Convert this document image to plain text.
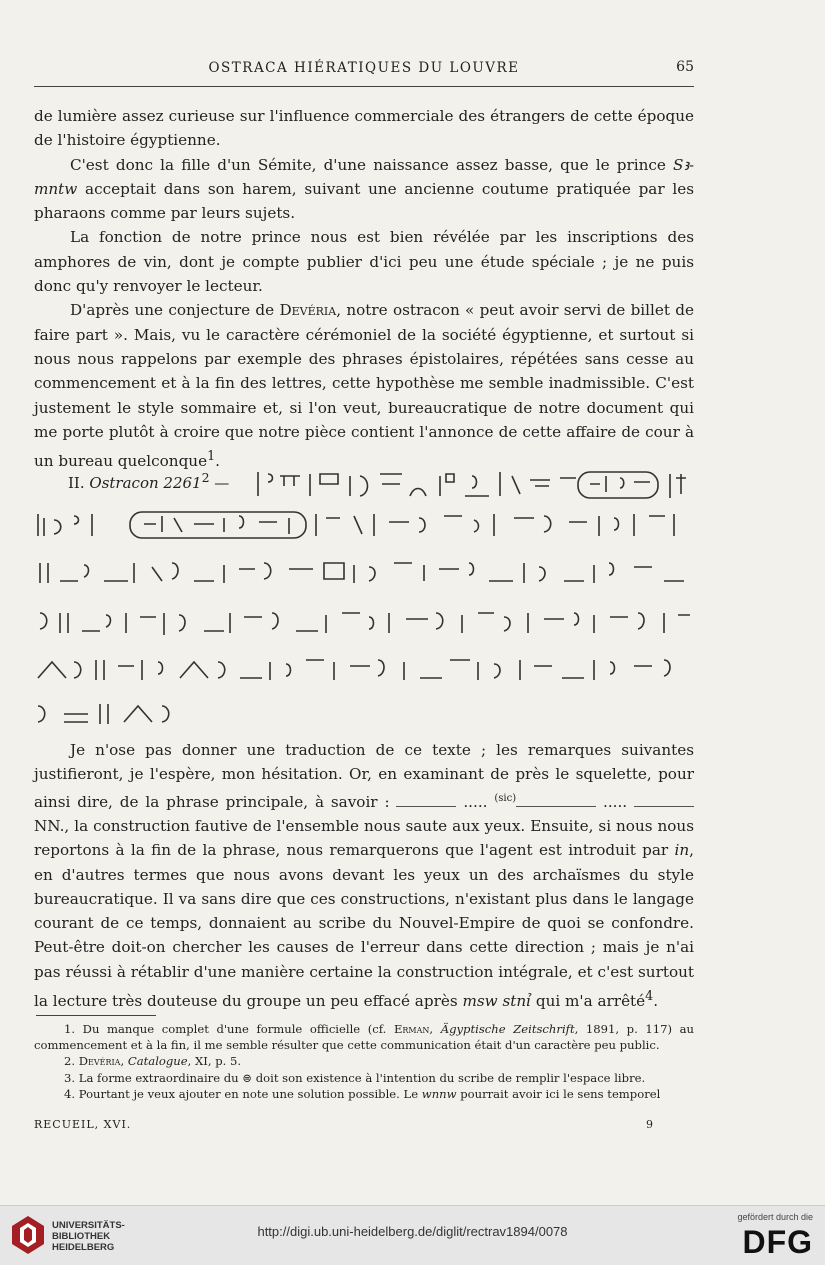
OSTRACA HIÉRATIQUES DU LOUVRE	65

de lumière assez curieuse sur l'influence commerciale des étrangers de cette époque de l'histoire égyptienne.

C'est donc la fille d'un Sémite, d'une naissance assez basse, que le prince Sꜣ-mntw acceptait dans son harem, suivant une ancienne coutume pratiquée par les pharaons comme par leurs sujets.

La fonction de notre prince nous est bien révélée par les inscriptions des amphores de vin, dont je compte publier d'ici peu une étude spéciale ; je ne puis donc qu'y renvoyer le lecteur.

D'après une conjecture de Devéria, notre ostracon « peut avoir servi de billet de faire part ». Mais, vu le caractère cérémoniel de la société égyptienne, et surtout si nous nous rappelons par exemple des phrases épistolaires, répétées sans cesse au commencement et à la fin des lettres, cette hypothèse me semble inadmissible. C'est justement le style sommaire et, si l'on veut, bureaucratique de notre document qui me porte plutôt à croire que notre pièce contient l'annonce de cette affaire de cour à un bureau quelconque$^1$.

II. Ostracon 2261$^2$ —

Je n'ose pas donner une traduction de ce texte ; les remarques suivantes justifieront, je l'espère, mon hésitation. Or, en examinant de près le squelette, pour ainsi dire, de la phrase principale, à savoir :	..... $^{(sic)}$	.....  NN., la construction fautive de l'ensemble nous saute aux yeux. Ensuite, si nous nous reportons à la fin de la phrase, nous remarquerons que l'agent est introduit par in, en d'autres termes que nous avons devant les yeux un des archaïsmes du style bureaucratique. Il va sans dire que ces constructions, n'existant plus dans le langage courant de ce temps, donnaient au scribe du Nouvel-Empire de quoi se confondre. Peut-être doit-on chercher les causes de l'erreur dans cette direction ; mais je n'ai pas réussi à rétablir d'une manière certaine la construction intégrale, et c'est surtout la lecture très douteuse du groupe un peu effacé après msw stnỉ qui m'a arrêté$^4$.

1. Du manque complet d'une formule officielle (cf. Erman, Ägyptische Zeitschrift, 1891, p. 117) au commencement et à la fin, il me semble résulter que cette communication était d'un caractère peu public.

2. Devéria, Catalogue, XI, p. 5.

3. La forme extraordinaire du ⊜ doit son existence à l'intention du scribe de remplir l'espace libre.

4. Pourtant je veux ajouter en note une solution possible. Le wnnw pourrait avoir ici le sens temporel

RECUEIL, XVI.	9
UNIVERSITÄTS-
BIBLIOTHEK
HEIDELBERG
http://digi.ub.uni-heidelberg.de/diglit/rectrav1894/0078
gefördert durch die
DFG
